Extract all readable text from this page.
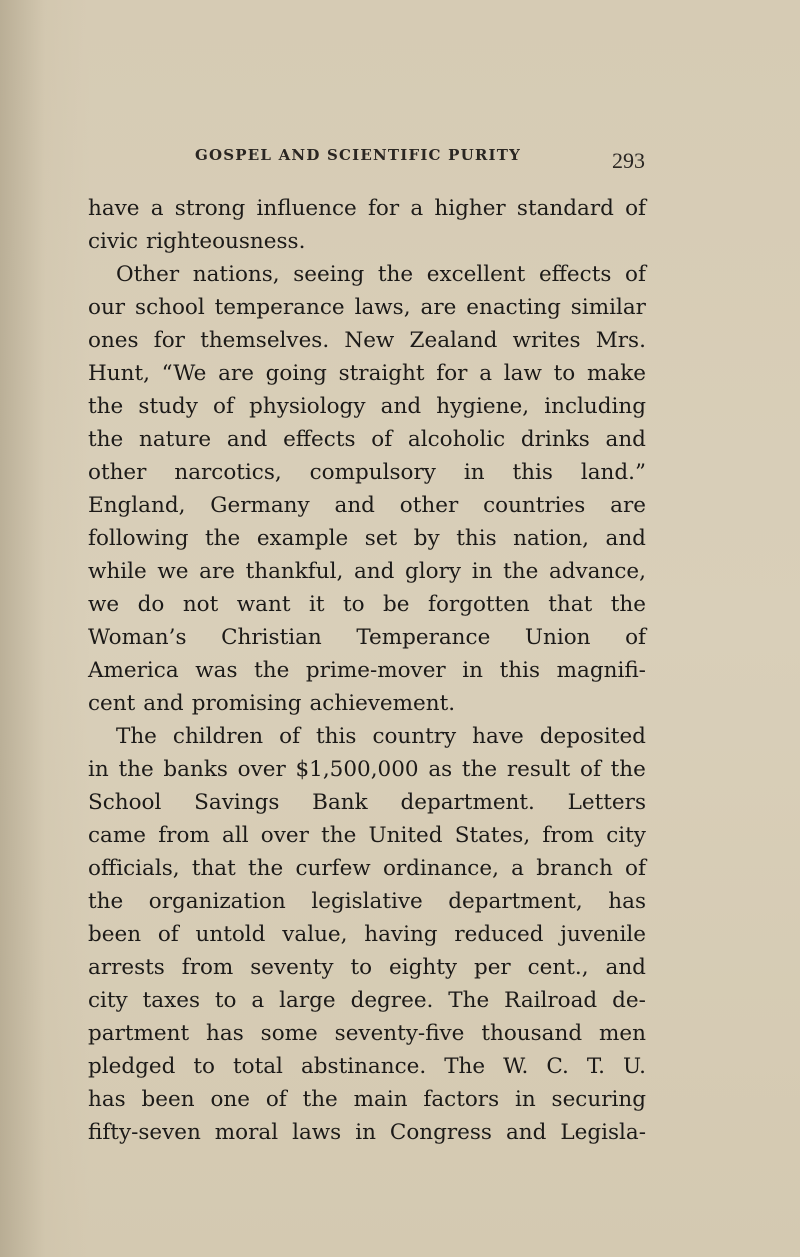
GOSPEL AND SCIENTIFIC PURITY	293
have a strong influence for a higher standard of
civic righteousness.
Other nations, seeing the excellent effects of
our school temperance laws, are enacting similar
ones for themselves. New Zealand writes Mrs.
Hunt, “We are going straight for a law to make
the study of physiology and hygiene, including
the nature and effects of alcoholic drinks and
other narcotics, compulsory in this land.”
England, Germany and other countries are
following the example set by this nation, and
while we are thankful, and glory in the advance,
we do not want it to be forgotten that the
Woman’s Christian Temperance Union of
America was the prime-mover in this magnifi-
cent and promising achievement.
The children of this country have deposited
in the banks over $1,500,000 as the result of the
School Savings Bank department. Letters
came from all over the United States, from city
officials, that the curfew ordinance, a branch of
the organization legislative department, has
been of untold value, having reduced juvenile
arrests from seventy to eighty per cent., and
city taxes to a large degree. The Railroad de-
partment has some seventy-five thousand men
pledged to total abstinance. The W. C. T. U.
has been one of the main factors in securing
fifty-seven moral laws in Congress and Legisla-
